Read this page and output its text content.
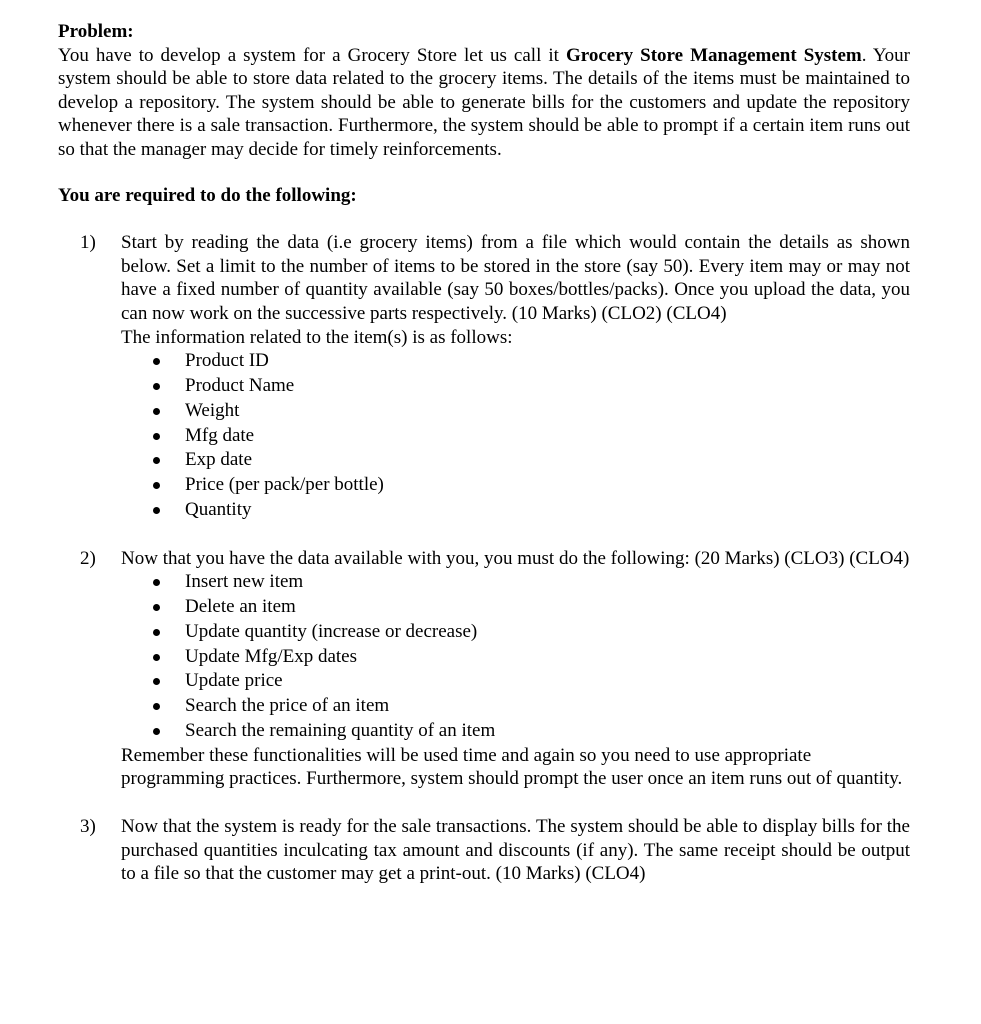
Problem:

You have to develop a system for a Grocery Store let us call it Grocery Store Management System. Your system should be able to store data related to the grocery items. The details of the items must be maintained to develop a repository. The system should be able to generate bills for the customers and update the repository whenever there is a sale transaction. Furthermore, the system should be able to prompt if a certain item runs out so that the manager may decide for timely reinforcements.

You are required to do the following:

1) Start by reading the data (i.e grocery items) from a file which would contain the details as shown below. Set a limit to the number of items to be stored in the store (say 50). Every item may or may not have a fixed number of quantity available (say 50 boxes/bottles/packs). Once you upload the data, you can now work on the successive parts respectively. (10 Marks) (CLO2) (CLO4)

The information related to the item(s) is as follows:

Product ID
Product Name
Weight
Mfg date
Exp date
Price (per pack/per bottle)
Quantity
2) Now that you have the data available with you, you must do the following: (20 Marks) (CLO3) (CLO4)

Insert new item
Delete an item
Update quantity (increase or decrease)
Update Mfg/Exp dates
Update price
Search the price of an item
Search the remaining quantity of an item

Remember these functionalities will be used time and again so you need to use appropriate programming practices. Furthermore, system should prompt the user once an item runs out of quantity.

3) Now that the system is ready for the sale transactions. The system should be able to display bills for the purchased quantities inculcating tax amount and discounts (if any). The same receipt should be output to a file so that the customer may get a print-out. (10 Marks) (CLO4)
